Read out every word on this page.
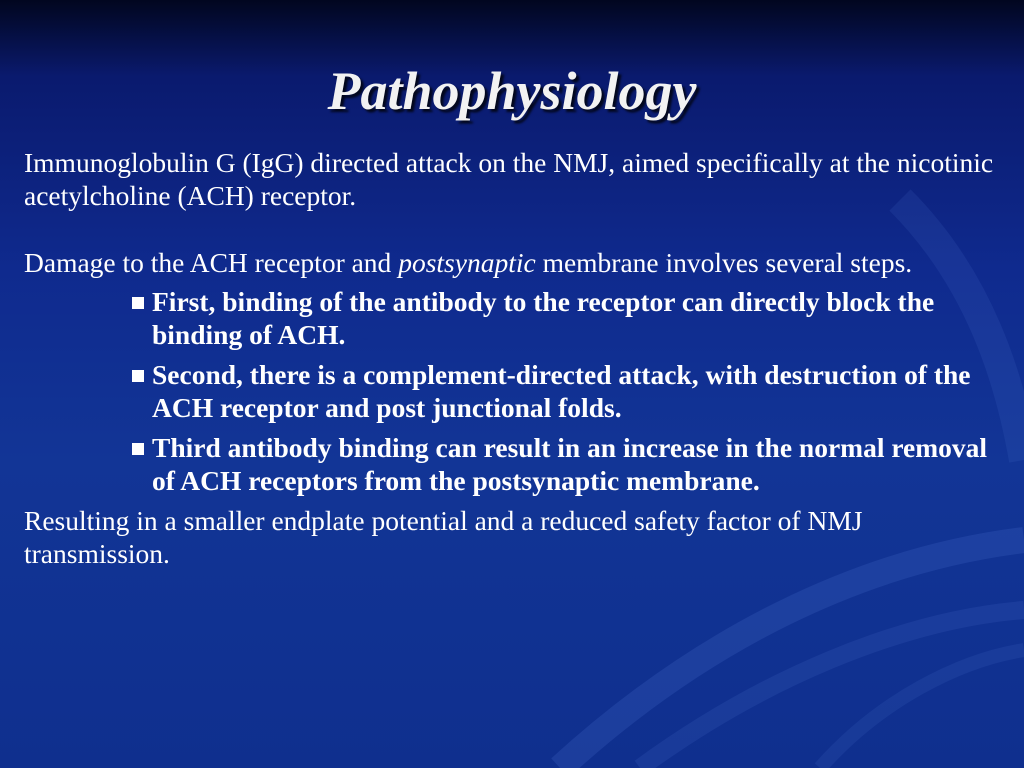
Pathophysiology

Immunoglobulin G (IgG) directed attack on the NMJ, aimed specifically at the nicotinic acetylcholine (ACH) receptor.

Damage to the ACH receptor and postsynaptic membrane involves several steps.

First, binding of the antibody to the receptor can directly block the binding of ACH.
Second, there is a complement-directed attack, with destruction of the ACH receptor and post junctional folds.
Third antibody binding can result in an increase in the normal removal of ACH receptors from the postsynaptic membrane.

Resulting in a smaller endplate potential and a reduced safety factor of NMJ transmission.
